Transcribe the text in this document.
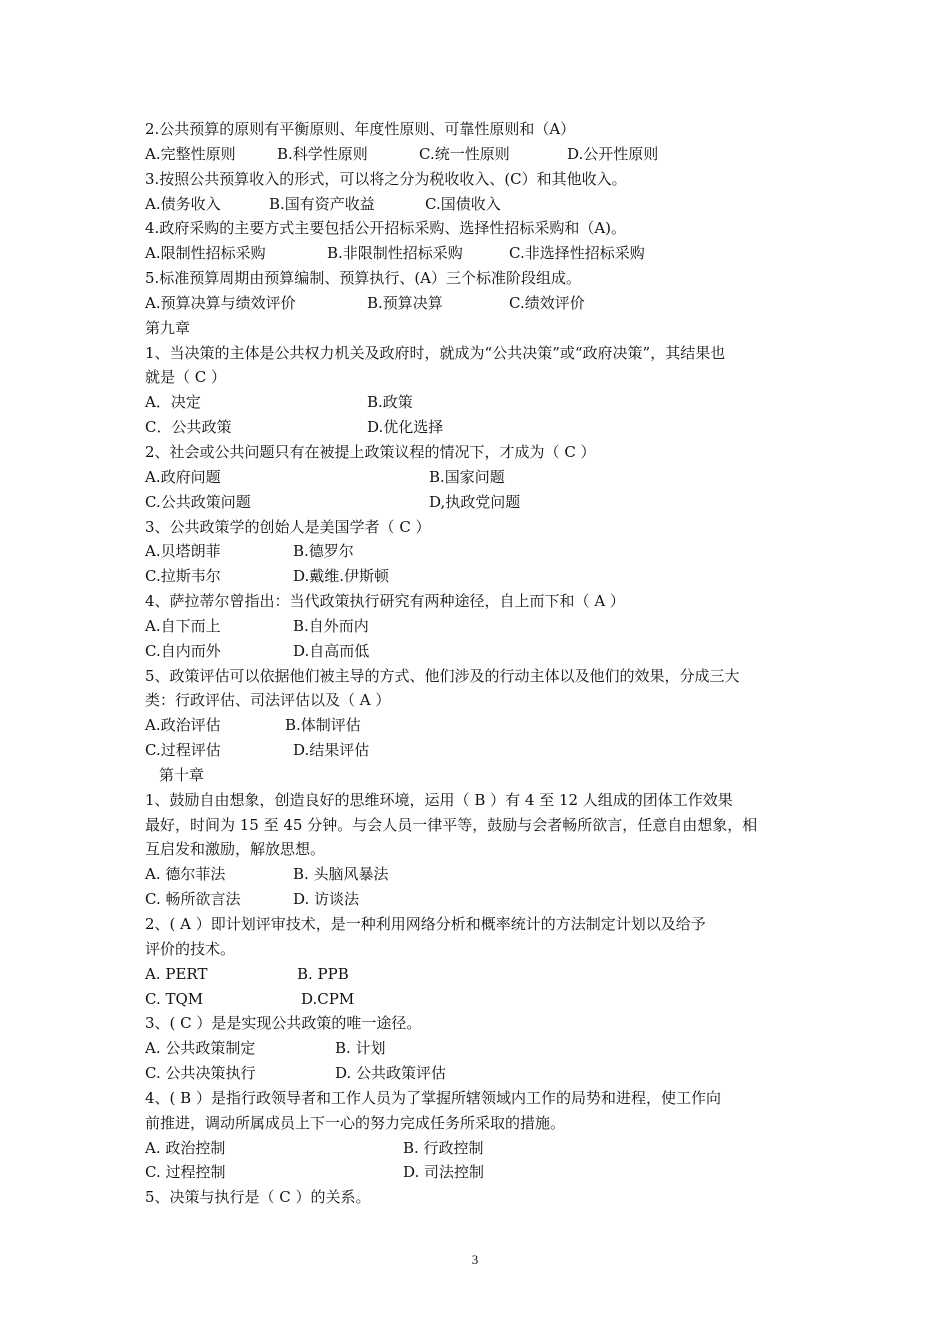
2.公共预算的原则有平衡原则、年度性原则、可靠性原则和（A）
A.完整性原则	B.科学性原则	C.统一性原则	D.公开性原则
3.按照公共预算收入的形式，可以将之分为税收收入、(C）和其他收入。
A.债务收入	B.国有资产收益	C.国债收入
4.政府采购的主要方式主要包括公开招标采购、选择性招标采购和（A)。
A.限制性招标采购	B.非限制性招标采购	C.非选择性招标采购
5.标准预算周期由预算编制、预算执行、(A）三个标准阶段组成。
A.预算决算与绩效评价	B.预算决算	C.绩效评价
第九章
1、当决策的主体是公共权力机关及政府时，就成为“公共决策”或“政府决策”，其结果也
就是（ C ）
A．决定	B.政策
C．公共政策	D.优化选择
2、社会或公共问题只有在被提上政策议程的情况下，才成为（ C ）
A.政府问题	B.国家问题
C.公共政策问题	D,执政党问题
3、公共政策学的创始人是美国学者（ C ）
A.贝塔朗菲	B.德罗尔
C.拉斯韦尔	D.戴维.伊斯顿
4、萨拉蒂尔曾指出：当代政策执行研究有两种途径，自上而下和（ A ）
A.自下而上	B.自外而内
C.自内而外	D.自高而低
5、政策评估可以依据他们被主导的方式、他们涉及的行动主体以及他们的效果，分成三大
类：行政评估、司法评估以及（ A ）
A.政治评估	B.体制评估
C.过程评估	D.结果评估
第十章
1、鼓励自由想象，创造良好的思维环境，运用（ B ）有 4 至 12 人组成的团体工作效果
最好，时间为 15 至 45 分钟。与会人员一律平等，鼓励与会者畅所欲言，任意自由想象，相
互启发和激励，解放思想。
A. 德尔菲法	B. 头脑风暴法
C. 畅所欲言法	D. 访谈法
2、( A ）即计划评审技术，是一种利用网络分析和概率统计的方法制定计划以及给予
评价的技术。
A. PERT	B. PPB
C. TQM	D.CPM
3、( C ）是是实现公共政策的唯一途径。
A. 公共政策制定	B. 计划
C. 公共决策执行	D. 公共政策评估
4、( B ）是指行政领导者和工作人员为了掌握所辖领域内工作的局势和进程，使工作向
前推进，调动所属成员上下一心的努力完成任务所采取的措施。
A. 政治控制	B. 行政控制
C. 过程控制	D. 司法控制
5、决策与执行是（ C ）的关系。
3
